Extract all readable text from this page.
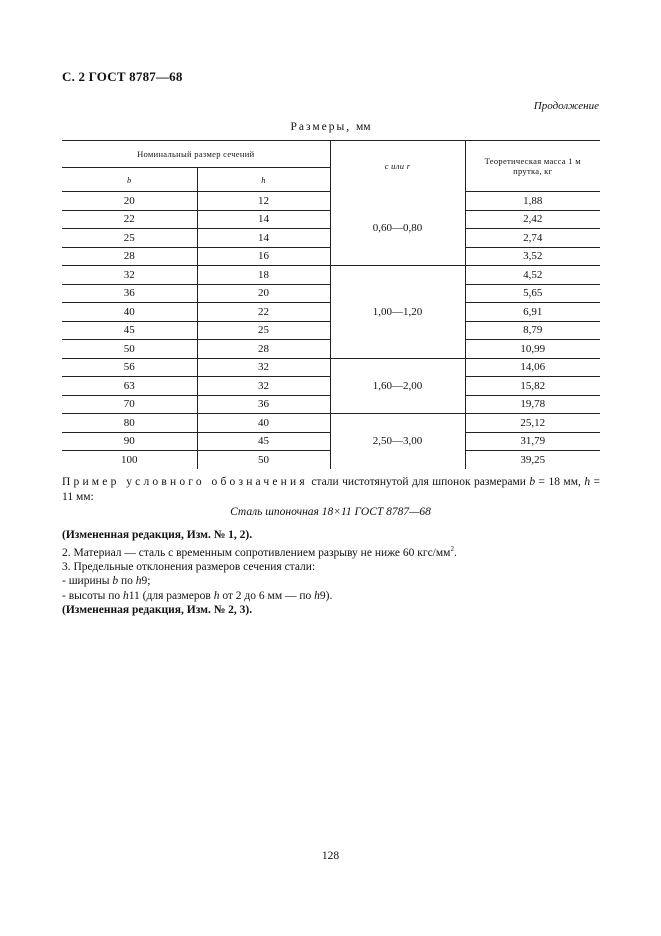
С. 2 ГОСТ 8787—68
Продолжение
Размеры, мм
Номинальный размер сечений		с или r	Теоретическая масса 1 м прутка, кг
b	h		
20	12	0,60—0,80	1,88
22	14		2,42
25	14		2,74
28	16		3,52
32	18	1,00—1,20	4,52
36	20		5,65
40	22		6,91
45	25		8,79
50	28		10,99
56	32	1,60—2,00	14,06
63	32		15,82
70	36		19,78
80	40	2,50—3,00	25,12
90	45		31,79
100	50		39,25
Пример условного обозначения стали чистотянутой для шпонок размерами b = 18 мм, h = 11 мм:
Сталь шпоночная 18×11 ГОСТ 8787—68
(Измененная редакция, Изм. № 1, 2).
2. Материал — сталь с временным сопротивлением разрыву не ниже 60 кгс/$мм^2$.
3. Предельные отклонения размеров сечения стали:
- ширины b по h9;
- высоты по h11 (для размеров h от 2 до 6 мм — по h9).
(Измененная редакция, Изм. № 2, 3).
128
